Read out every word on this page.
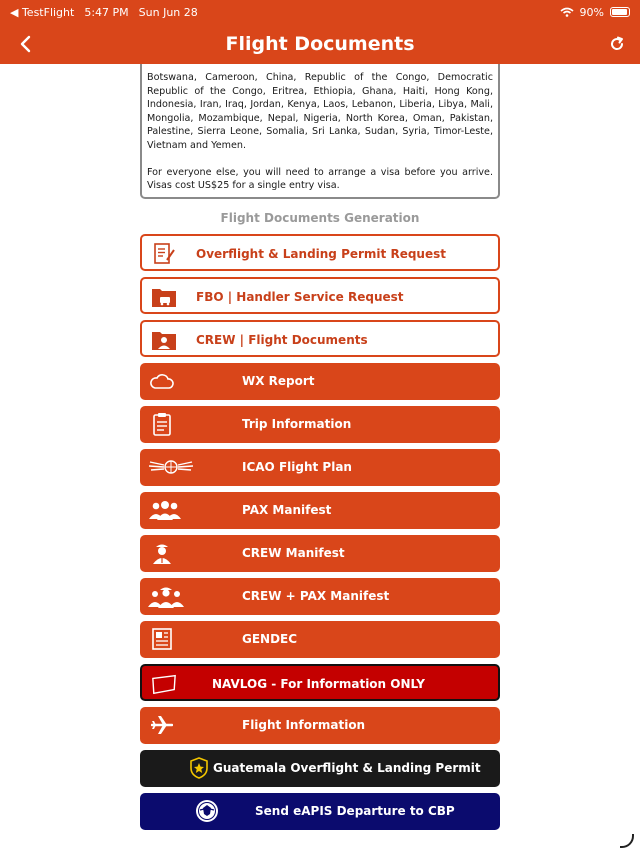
◀ TestFlight 5:47 PM Sun Jun 28	90%
Flight Documents

Botswana, Cameroon, China, Republic of the Congo, Democratic Republic of the Congo, Eritrea, Ethiopia, Ghana, Haiti, Hong Kong, Indonesia, Iran, Iraq, Jordan, Kenya, Laos, Lebanon, Liberia, Libya, Mali, Mongolia, Mozambique, Nepal, Nigeria, North Korea, Oman, Pakistan, Palestine, Sierra Leone, Somalia, Sri Lanka, Sudan, Syria, Timor-Leste, Vietnam and Yemen.

For everyone else, you will need to arrange a visa before you arrive. Visas cost US$25 for a single entry visa.

Flight Documents Generation
Overflight & Landing Permit Request
FBO | Handler Service Request
CREW | Flight Documents
WX Report
Trip Information
ICAO Flight Plan
PAX Manifest
CREW Manifest
CREW + PAX Manifest
GENDEC
NAVLOG - For Information ONLY
Flight Information
Guatemala Overflight & Landing Permit
Send eAPIS Departure to CBP
